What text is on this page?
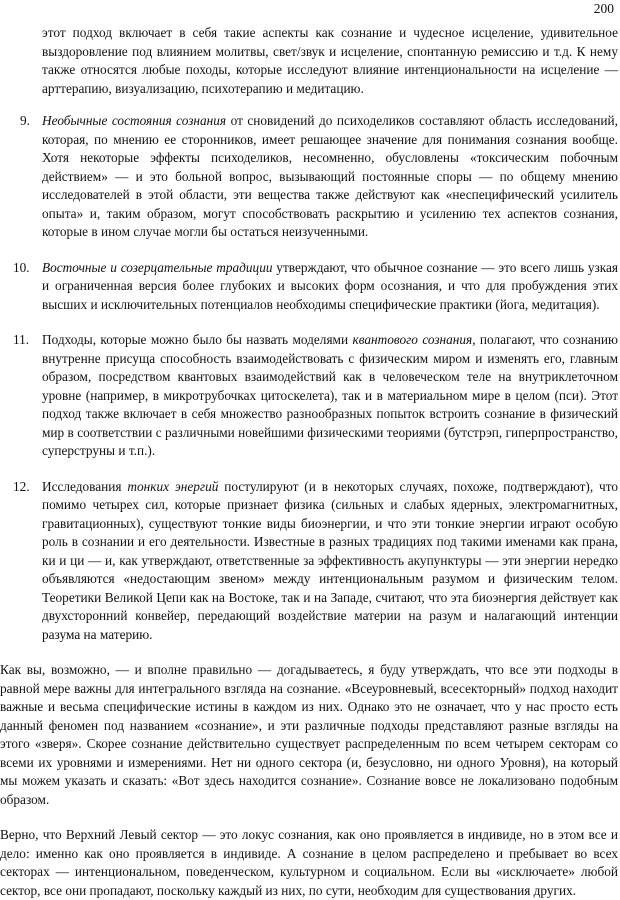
200

этот подход включает в себя такие аспекты как сознание и чудесное исцеление, удивительное выздоровление под влиянием молитвы, свет/звук и исцеление, спонтанную ремиссию и т.д. К нему также относятся любые походы, которые исследуют влияние интенциональности на исцеление — арттерапию, визуализацию, психотерапию и медитацию.

9. Необычные состояния сознания от сновидений до психоделиков составляют область исследований, которая, по мнению ее сторонников, имеет решающее значение для понимания сознания вообще. Хотя некоторые эффекты психоделиков, несомненно, обусловлены «токсическим побочным действием» — и это больной вопрос, вызывающий постоянные споры — по общему мнению исследователей в этой области, эти вещества также действуют как «неспецифический усилитель опыта» и, таким образом, могут способствовать раскрытию и усилению тех аспектов сознания, которые в ином случае могли бы остаться неизученными.
10. Восточные и созерцательные традиции утверждают, что обычное сознание — это всего лишь узкая и ограниченная версия более глубоких и высоких форм осознания, и что для пробуждения этих высших и исключительных потенциалов необходимы специфические практики (йога, медитация).
11. Подходы, которые можно было бы назвать моделями квантового сознания, полагают, что сознанию внутренне присуща способность взаимодействовать с физическим миром и изменять его, главным образом, посредством квантовых взаимодействий как в человеческом теле на внутриклеточном уровне (например, в микротрубочках цитоскелета), так и в материальном мире в целом (пси). Этот подход также включает в себя множество разнообразных попыток встроить сознание в физический мир в соответствии с различными новейшими физическими теориями (бутстрэп, гиперпространство, суперструны и т.п.).
12. Исследования тонких энергий постулируют (и в некоторых случаях, похоже, подтверждают), что помимо четырех сил, которые признает физика (сильных и слабых ядерных, электромагнитных, гравитационных), существуют тонкие виды биоэнергии, и что эти тонкие энергии играют особую роль в сознании и его деятельности. Известные в разных традициях под такими именами как прана, ки и ци — и, как утверждают, ответственные за эффективность акупунктуры — эти энергии нередко объявляются «недостающим звеном» между интенциональным разумом и физическим телом. Теоретики Великой Цепи как на Востоке, так и на Западе, считают, что эта биоэнергия действует как двухсторонний конвейер, передающий воздействие материи на разум и налагающий интенции разума на материю.

Как вы, возможно, — и вполне правильно — догадываетесь, я буду утверждать, что все эти подходы в равной мере важны для интегрального взгляда на сознание. «Всеуровневый, всесекторный» подход находит важные и весьма специфические истины в каждом из них. Однако это не означает, что у нас просто есть данный феномен под названием «сознание», и эти различные подходы представляют разные взгляды на этого «зверя». Скорее сознание действительно существует распределенным по всем четырем секторам со всеми их уровнями и измерениями. Нет ни одного сектора (и, безусловно, ни одного Уровня), на который мы можем указать и сказать: «Вот здесь находится сознание». Сознание вовсе не локализовано подобным образом.

Верно, что Верхний Левый сектор — это локус сознания, как оно проявляется в индивиде, но в этом все и дело: именно как оно проявляется в индивиде. А сознание в целом распределено и пребывает во всех секторах — интенциональном, поведенческом, культурном и социальном. Если вы «исключаете» любой сектор, все они пропадают, поскольку каждый из них, по сути, необходим для существования других.
